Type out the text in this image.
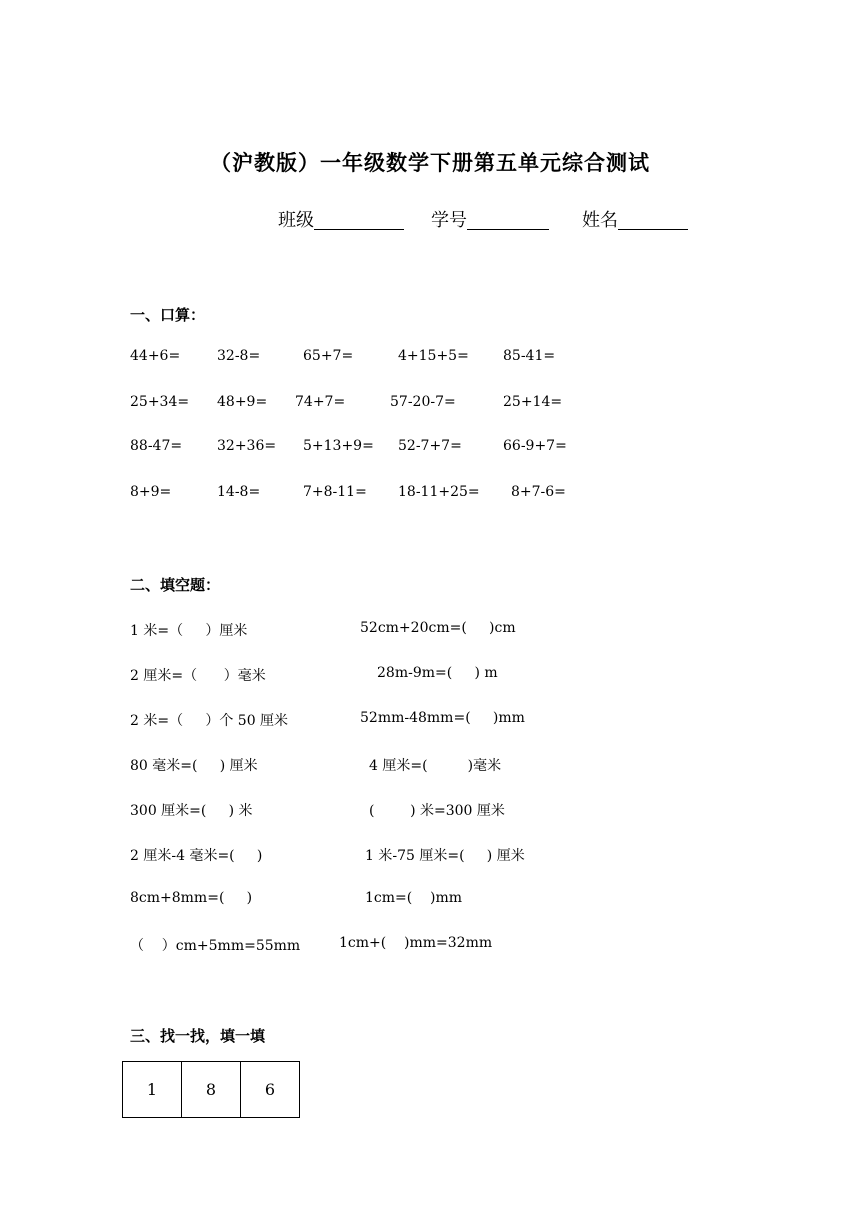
（沪教版）一年级数学下册第五单元综合测试
班级	学号	姓名
一、口算：
44+6=	32-8=	65+7=	4+15+5= 85-41=
25+34= 48+9= 74+7=	57-20-7=	25+14=
88-47= 32+36= 5+13+9= 52-7+7=	66-9+7=
8+9=	14-8=	7+8-11= 18-11+25= 8+7-6=
二、填空题：
1 米=（     ）厘米	52cm+20cm=(     )cm
2 厘米=（      ）毫米	28m-9m=(     ) m
2 米=（     ）个 50 厘米	52mm-48mm=(     )mm
80 毫米=(     ) 厘米	4 厘米=(         )毫米
300 厘米=(     ) 米	(        ) 米=300 厘米
2 厘米-4 毫米=(     )	1 米-75 厘米=(     ) 厘米
8cm+8mm=(     )	1cm=(    )mm
（    ）cm+5mm=55mm	1cm+(    )mm=32mm
三、找一找，填一填
1	8	6
